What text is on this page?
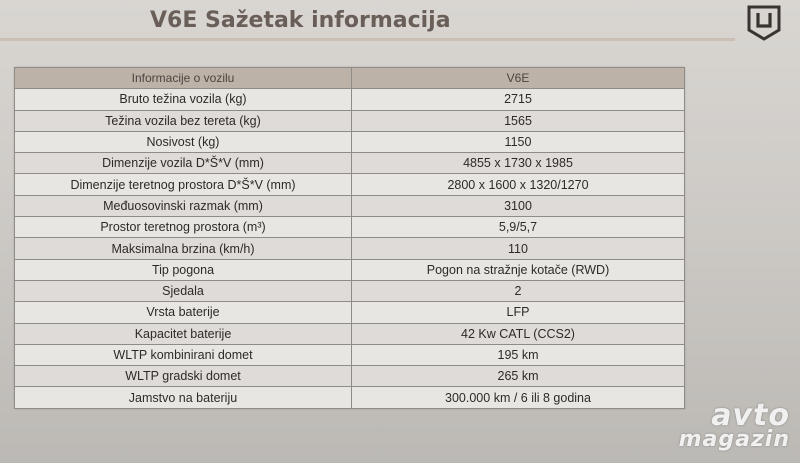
V6E Sažetak informacija
Informacije o vozilu	V6E
Bruto težina vozila (kg)	2715
Težina vozila bez tereta (kg)	1565
Nosivost (kg)	1150
Dimenzije vozila D*Š*V (mm)	4855 x 1730 x 1985
Dimenzije teretnog prostora D*Š*V (mm)	2800 x 1600 x 1320/1270
Međuosovinski razmak (mm)	3100
Prostor teretnog prostora (m³)	5,9/5,7
Maksimalna brzina (km/h)	110
Tip pogona	Pogon na stražnje kotače (RWD)
Sjedala	2
Vrsta baterije	LFP
Kapacitet baterije	42 Kw CATL (CCS2)
WLTP kombinirani domet	195 km
WLTP gradski domet	265 km
Jamstvo na bateriju	300.000 km / 6 ili 8 godina
avto
magazin
